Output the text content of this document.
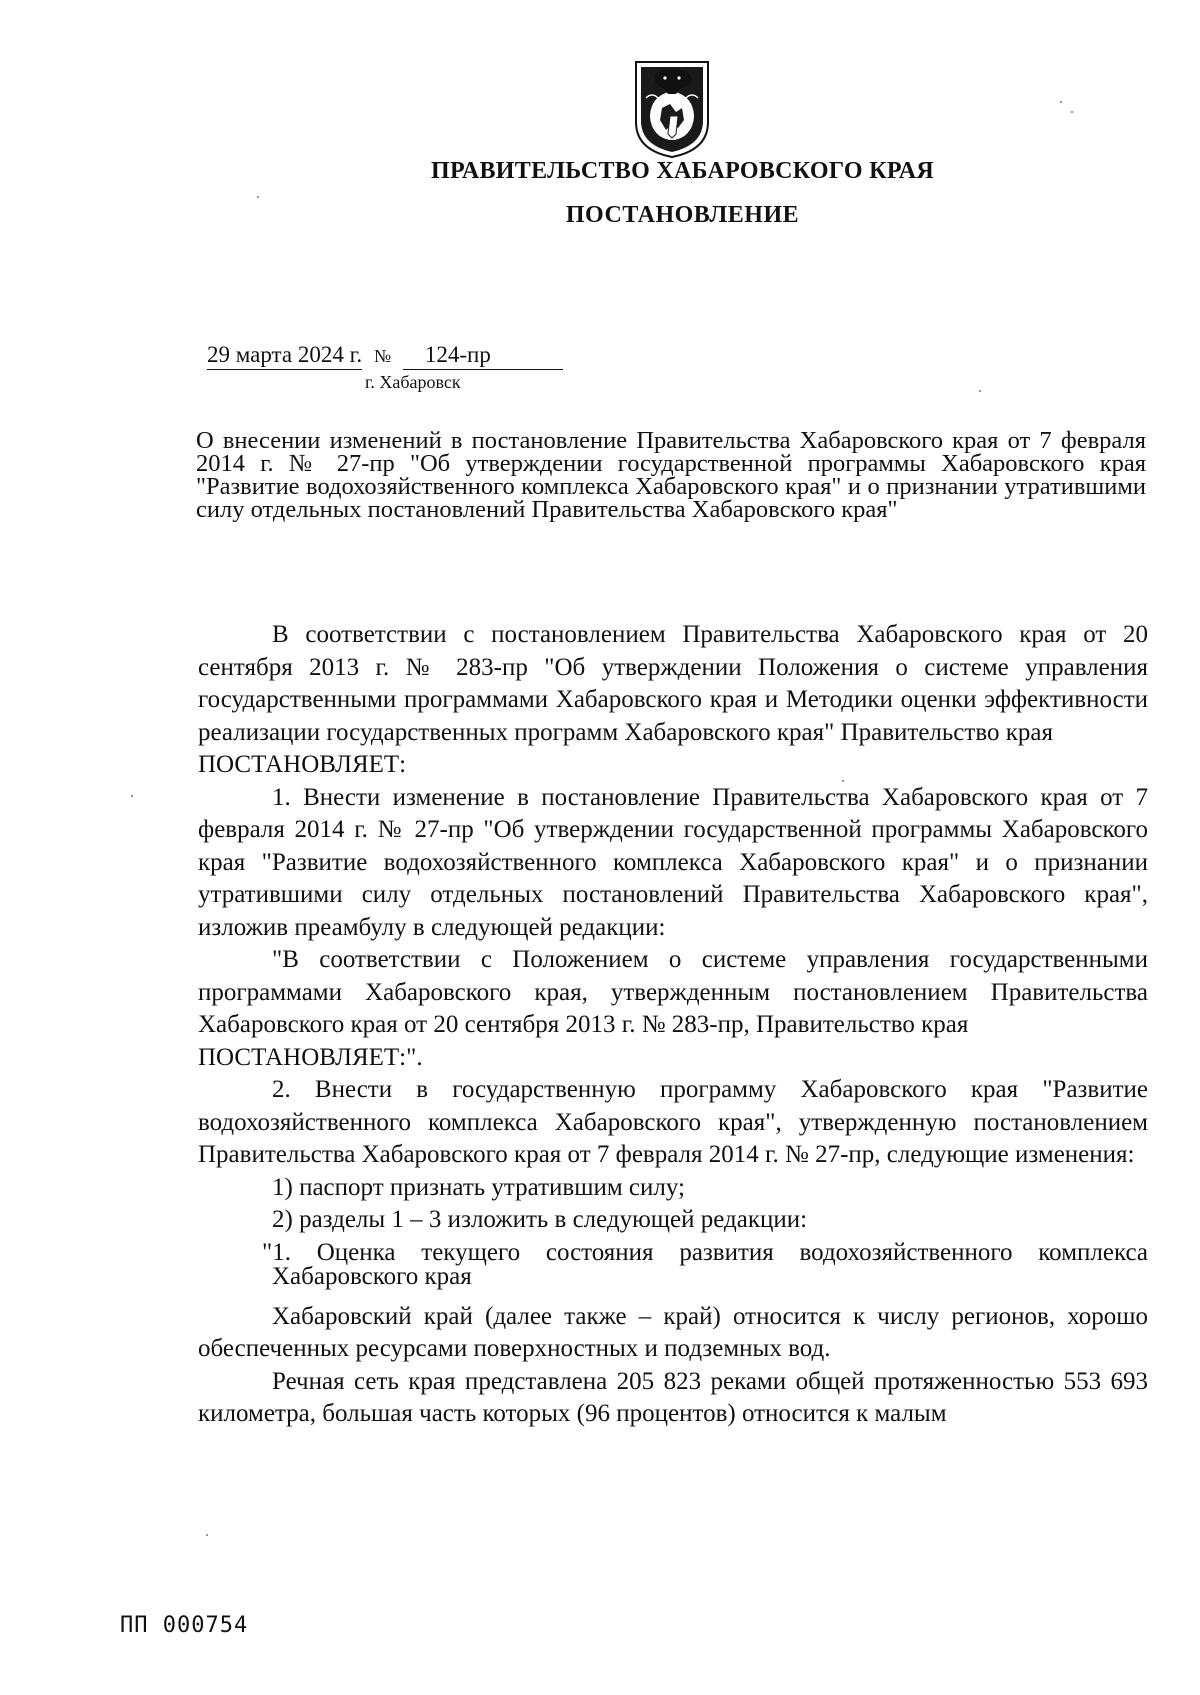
ПРАВИТЕЛЬСТВО ХАБАРОВСКОГО КРАЯ
ПОСТАНОВЛЕНИЕ
29 марта 2024 г. № 124-пр
г. Хабаровск
О внесении изменений в постановление Правительства Хабаровского края от 7 февраля 2014 г. № 27-пр "Об утверждении государственной программы Хабаровского края "Развитие водохозяйственного комплекса Хабаровского края" и о признании утратившими силу отдельных постановлений Правительства Хабаровского края"

В соответствии с постановлением Правительства Хабаровского края от 20 сентября 2013 г. № 283-пр "Об утверждении Положения о системе управления государственными программами Хабаровского края и Методики оценки эффективности реализации государственных программ Хабаровского края" Правительство края

ПОСТАНОВЛЯЕТ:

1. Внести изменение в постановление Правительства Хабаровского края от 7 февраля 2014 г. № 27-пр "Об утверждении государственной программы Хабаровского края "Развитие водохозяйственного комплекса Хабаровского края" и о признании утратившими силу отдельных постановлений Правительства Хабаровского края", изложив преамбулу в следующей редакции:

"В соответствии с Положением о системе управления государственными программами Хабаровского края, утвержденным постановлением Правительства Хабаровского края от 20 сентября 2013 г. № 283-пр, Правительство края

ПОСТАНОВЛЯЕТ:".

2. Внести в государственную программу Хабаровского края "Развитие водохозяйственного комплекса Хабаровского края", утвержденную постановлением Правительства Хабаровского края от 7 февраля 2014 г. № 27-пр, следующие изменения:

1) паспорт признать утратившим силу;

2) разделы 1 – 3 изложить в следующей редакции:

"1. Оценка текущего состояния развития водохозяйственного комплекса Хабаровского края

Хабаровский край (далее также – край) относится к числу регионов, хорошо обеспеченных ресурсами поверхностных и подземных вод.

Речная сеть края представлена 205 823 реками общей протяженностью 553 693 километра, большая часть которых (96 процентов) относится к малым

ПП 000754
